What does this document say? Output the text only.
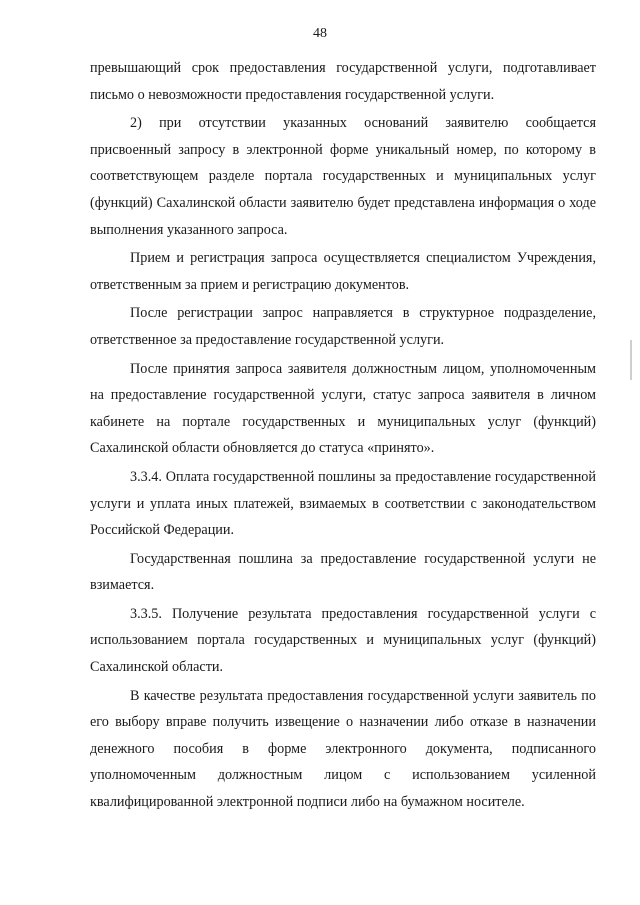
48

превышающий срок предоставления государственной услуги, подготавливает письмо о невозможности предоставления государственной услуги.

2) при отсутствии указанных оснований заявителю сообщается присвоенный запросу в электронной форме уникальный номер, по которому в соответствующем разделе портала государственных и муниципальных услуг (функций) Сахалинской области заявителю будет представлена информация о ходе выполнения указанного запроса.

Прием и регистрация запроса осуществляется специалистом Учреждения, ответственным за прием и регистрацию документов.

После регистрации запрос направляется в структурное подразделение, ответственное за предоставление государственной услуги.

После принятия запроса заявителя должностным лицом, уполномоченным на предоставление государственной услуги, статус запроса заявителя в личном кабинете на портале государственных и муниципальных услуг (функций) Сахалинской области обновляется до статуса «принято».

3.3.4. Оплата государственной пошлины за предоставление государственной услуги и уплата иных платежей, взимаемых в соответствии с законодательством Российской Федерации.

Государственная пошлина за предоставление государственной услуги не взимается.

3.3.5. Получение результата предоставления государственной услуги с использованием портала государственных и муниципальных услуг (функций) Сахалинской области.

В качестве результата предоставления государственной услуги заявитель по его выбору вправе получить извещение о назначении либо отказе в назначении денежного пособия в форме электронного документа, подписанного уполномоченным должностным лицом с использованием усиленной квалифицированной электронной подписи либо на бумажном носителе.
